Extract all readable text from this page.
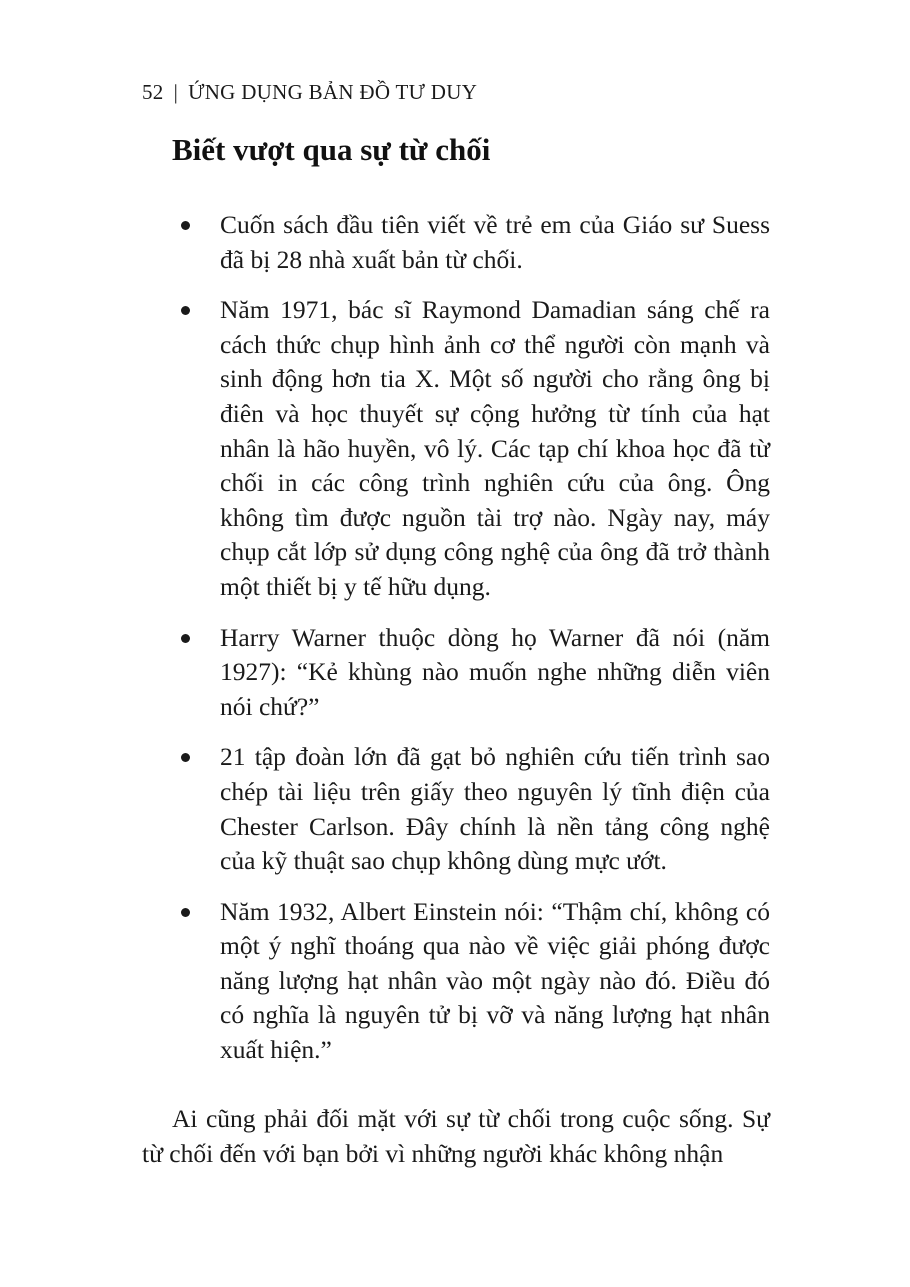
52 | ỨNG DỤNG BẢN ĐỒ TƯ DUY
Biết vượt qua sự từ chối
Cuốn sách đầu tiên viết về trẻ em của Giáo sư Suess đã bị 28 nhà xuất bản từ chối.
Năm 1971, bác sĩ Raymond Damadian sáng chế ra cách thức chụp hình ảnh cơ thể người còn mạnh và sinh động hơn tia X. Một số người cho rằng ông bị điên và học thuyết sự cộng hưởng từ tính của hạt nhân là hão huyền, vô lý. Các tạp chí khoa học đã từ chối in các công trình nghiên cứu của ông. Ông không tìm được nguồn tài trợ nào. Ngày nay, máy chụp cắt lớp sử dụng công nghệ của ông đã trở thành một thiết bị y tế hữu dụng.
Harry Warner thuộc dòng họ Warner đã nói (năm 1927): “Kẻ khùng nào muốn nghe những diễn viên nói chứ?”
21 tập đoàn lớn đã gạt bỏ nghiên cứu tiến trình sao chép tài liệu trên giấy theo nguyên lý tĩnh điện của Chester Carlson. Đây chính là nền tảng công nghệ của kỹ thuật sao chụp không dùng mực ướt.
Năm 1932, Albert Einstein nói: “Thậm chí, không có một ý nghĩ thoáng qua nào về việc giải phóng được năng lượng hạt nhân vào một ngày nào đó. Điều đó có nghĩa là nguyên tử bị vỡ và năng lượng hạt nhân xuất hiện.”

Ai cũng phải đối mặt với sự từ chối trong cuộc sống. Sự từ chối đến với bạn bởi vì những người khác không nhận
